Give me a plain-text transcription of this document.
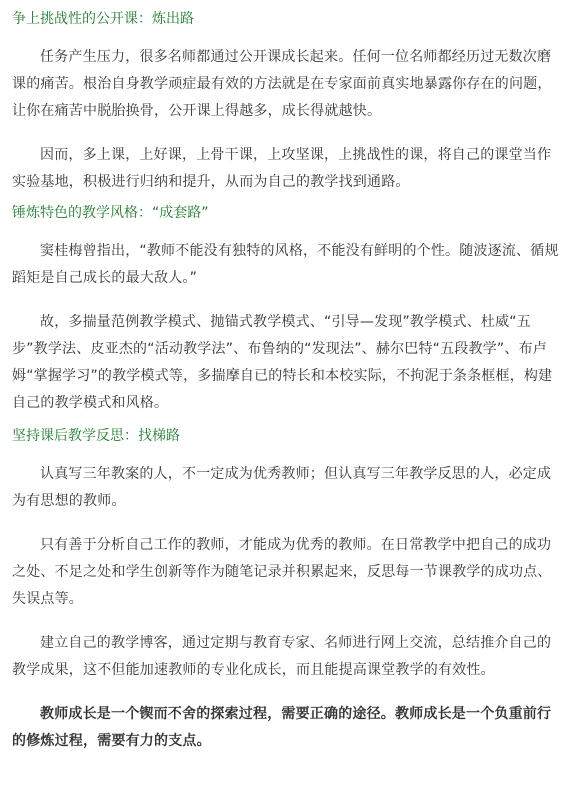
争上挑战性的公开课：炼出路

任务产生压力，很多名师都通过公开课成长起来。任何一位名师都经历过无数次磨课的痛苦。根治自身教学顽症最有效的方法就是在专家面前真实地暴露你存在的问题，让你在痛苦中脱胎换骨，公开课上得越多，成长得就越快。

因而，多上课，上好课，上骨干课，上攻坚课，上挑战性的课，将自己的课堂当作实验基地，积极进行归纳和提升，从而为自己的教学找到通路。

锤炼特色的教学风格：“成套路”

窦桂梅曾指出，“教师不能没有独特的风格，不能没有鲜明的个性。随波逐流、循规蹈矩是自己成长的最大敌人。”

故，多揣量范例教学模式、抛锚式教学模式、“引导—发现”教学模式、杜威“五步”教学法、皮亚杰的“活动教学法”、布鲁纳的“发现法”、赫尔巴特“五段教学”、布卢姆“掌握学习”的教学模式等，多揣摩自已的特长和本校实际，不拘泥于条条框框，构建自己的教学模式和风格。

坚持课后教学反思：找梯路

认真写三年教案的人，不一定成为优秀教师；但认真写三年教学反思的人，必定成为有思想的教师。

只有善于分析自己工作的教师，才能成为优秀的教师。在日常教学中把自己的成功之处、不足之处和学生创新等作为随笔记录并积累起来，反思每一节课教学的成功点、失误点等。

建立自己的教学博客，通过定期与教育专家、名师进行网上交流，总结推介自己的教学成果，这不但能加速教师的专业化成长，而且能提高课堂教学的有效性。

教师成长是一个锲而不舍的探索过程，需要正确的途径。教师成长是一个负重前行的修炼过程，需要有力的支点。
